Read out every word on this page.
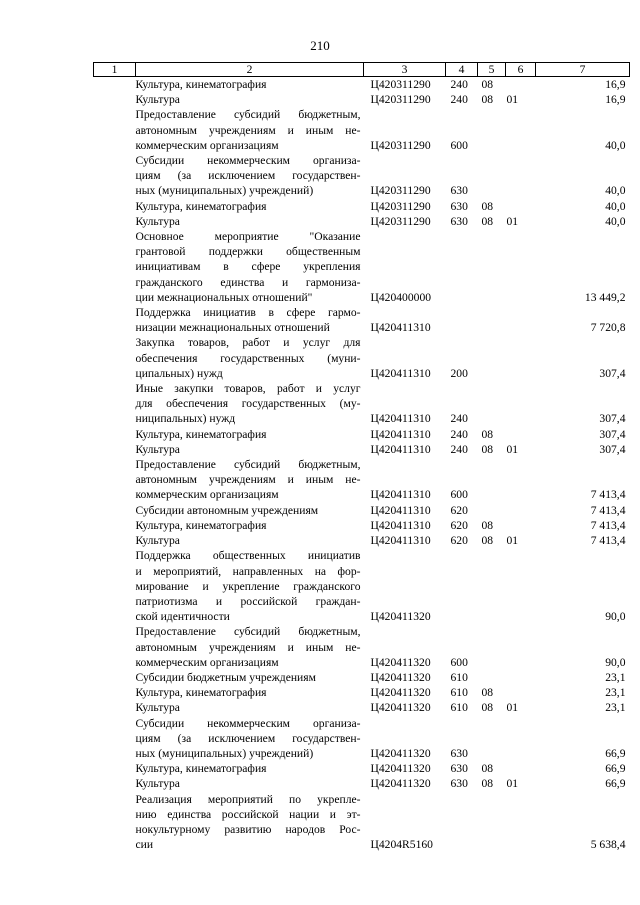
210
1	2	3	4	5	6	7

	Культура, кинематография	Ц420311290	240	08		16,9

	Культура	Ц420311290	240	08	01	16,9

	Предоставление субсидий бюджетным,
автономным учреждениям и иным не-
коммерческим организациям	Ц420311290	600			40,0

	Субсидии некоммерческим организа-
циям (за исключением государствен-
ных (муниципальных) учреждений)	Ц420311290	630			40,0

	Культура, кинематография	Ц420311290	630	08		40,0

	Культура	Ц420311290	630	08	01	40,0

	Основное мероприятие "Оказание
грантовой поддержки общественным
инициативам в сфере укрепления
гражданского единства и гармониза-
ции межнациональных отношений"	Ц420400000				13 449,2

	Поддержка инициатив в сфере гармо-
низации межнациональных отношений	Ц420411310				7 720,8

	Закупка товаров, работ и услуг для
обеспечения государственных (муни-
ципальных) нужд	Ц420411310	200			307,4

	Иные закупки товаров, работ и услуг
для обеспечения государственных (му-
ниципальных) нужд	Ц420411310	240			307,4

	Культура, кинематография	Ц420411310	240	08		307,4

	Культура	Ц420411310	240	08	01	307,4

	Предоставление субсидий бюджетным,
автономным учреждениям и иным не-
коммерческим организациям	Ц420411310	600			7 413,4

	Субсидии автономным учреждениям	Ц420411310	620			7 413,4

	Культура, кинематография	Ц420411310	620	08		7 413,4

	Культура	Ц420411310	620	08	01	7 413,4

	Поддержка общественных инициатив
и мероприятий, направленных на фор-
мирование и укрепление гражданского
патриотизма и российской граждан-
ской идентичности	Ц420411320				90,0

	Предоставление субсидий бюджетным,
автономным учреждениям и иным не-
коммерческим организациям	Ц420411320	600			90,0

	Субсидии бюджетным учреждениям	Ц420411320	610			23,1

	Культура, кинематография	Ц420411320	610	08		23,1

	Культура	Ц420411320	610	08	01	23,1

	Субсидии некоммерческим организа-
циям (за исключением государствен-
ных (муниципальных) учреждений)	Ц420411320	630			66,9

	Культура, кинематография	Ц420411320	630	08		66,9

	Культура	Ц420411320	630	08	01	66,9

	Реализация мероприятий по укрепле-
нию единства российской нации и эт-
нокультурному развитию народов Рос-
сии	Ц4204R5160				5 638,4
